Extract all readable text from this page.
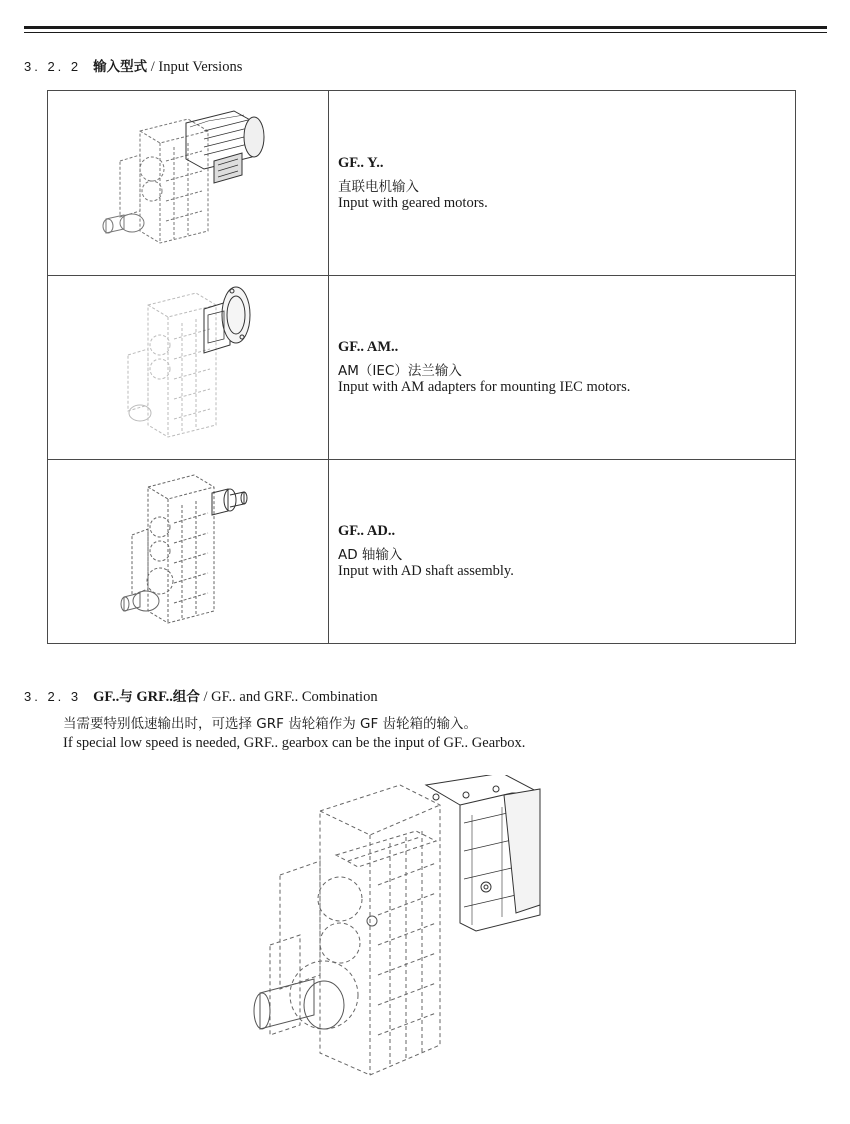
3. 2. 2 输入型式 / Input Versions
GF.. Y..
直联电机输入
Input with geared motors.
GF.. AM..
AM（IEC）法兰输入
Input with AM adapters for mounting IEC motors.
GF.. AD..
AD 轴输入
Input with AD shaft assembly.
3. 2. 3 GF..与 GRF..组合 / GF.. and GRF.. Combination
当需要特别低速输出时，可选择 GRF 齿轮箱作为 GF 齿轮箱的输入。
If special low speed is needed, GRF.. gearbox can be the input of GF.. Gearbox.
